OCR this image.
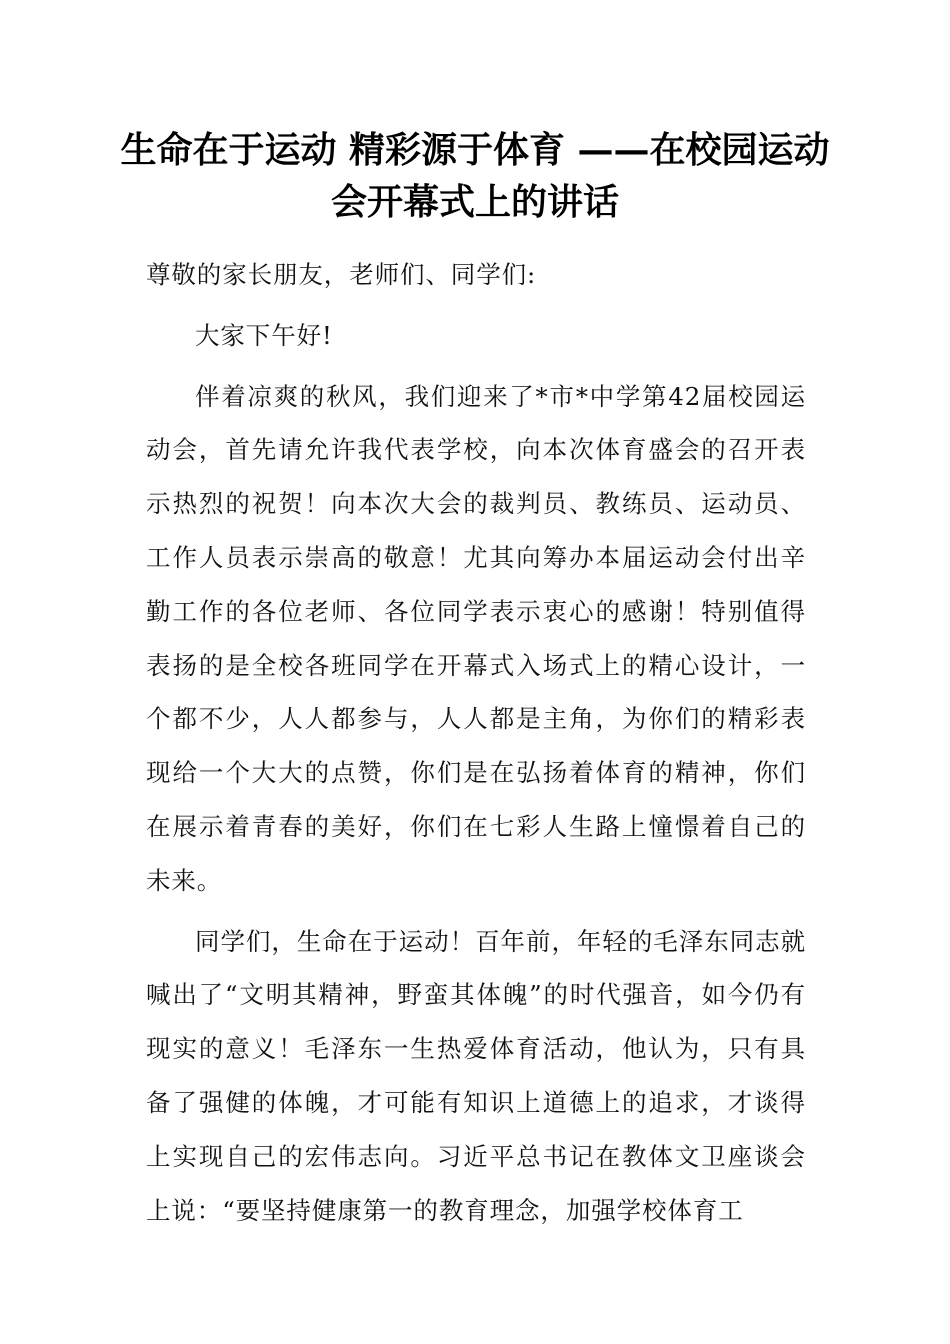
生命在于运动 精彩源于体育 ——在校园运动会开幕式上的讲话

尊敬的家长朋友，老师们、同学们:

大家下午好!

伴着凉爽的秋风，我们迎来了*市*中学第42届校园运动会，首先请允许我代表学校，向本次体育盛会的召开表示热烈的祝贺！向本次大会的裁判员、教练员、运动员、工作人员表示崇高的敬意！尤其向筹办本届运动会付出辛勤工作的各位老师、各位同学表示衷心的感谢！特别值得表扬的是全校各班同学在开幕式入场式上的精心设计，一个都不少，人人都参与，人人都是主角，为你们的精彩表现给一个大大的点赞，你们是在弘扬着体育的精神，你们在展示着青春的美好，你们在七彩人生路上憧憬着自己的未来。

同学们，生命在于运动！百年前，年轻的毛泽东同志就喊出了“文明其精神，野蛮其体魄”的时代强音，如今仍有现实的意义！毛泽东一生热爱体育活动，他认为，只有具备了强健的体魄，才可能有知识上道德上的追求，才谈得上实现自己的宏伟志向。习近平总书记在教体文卫座谈会上说：“要坚持健康第一的教育理念，加强学校体育工
